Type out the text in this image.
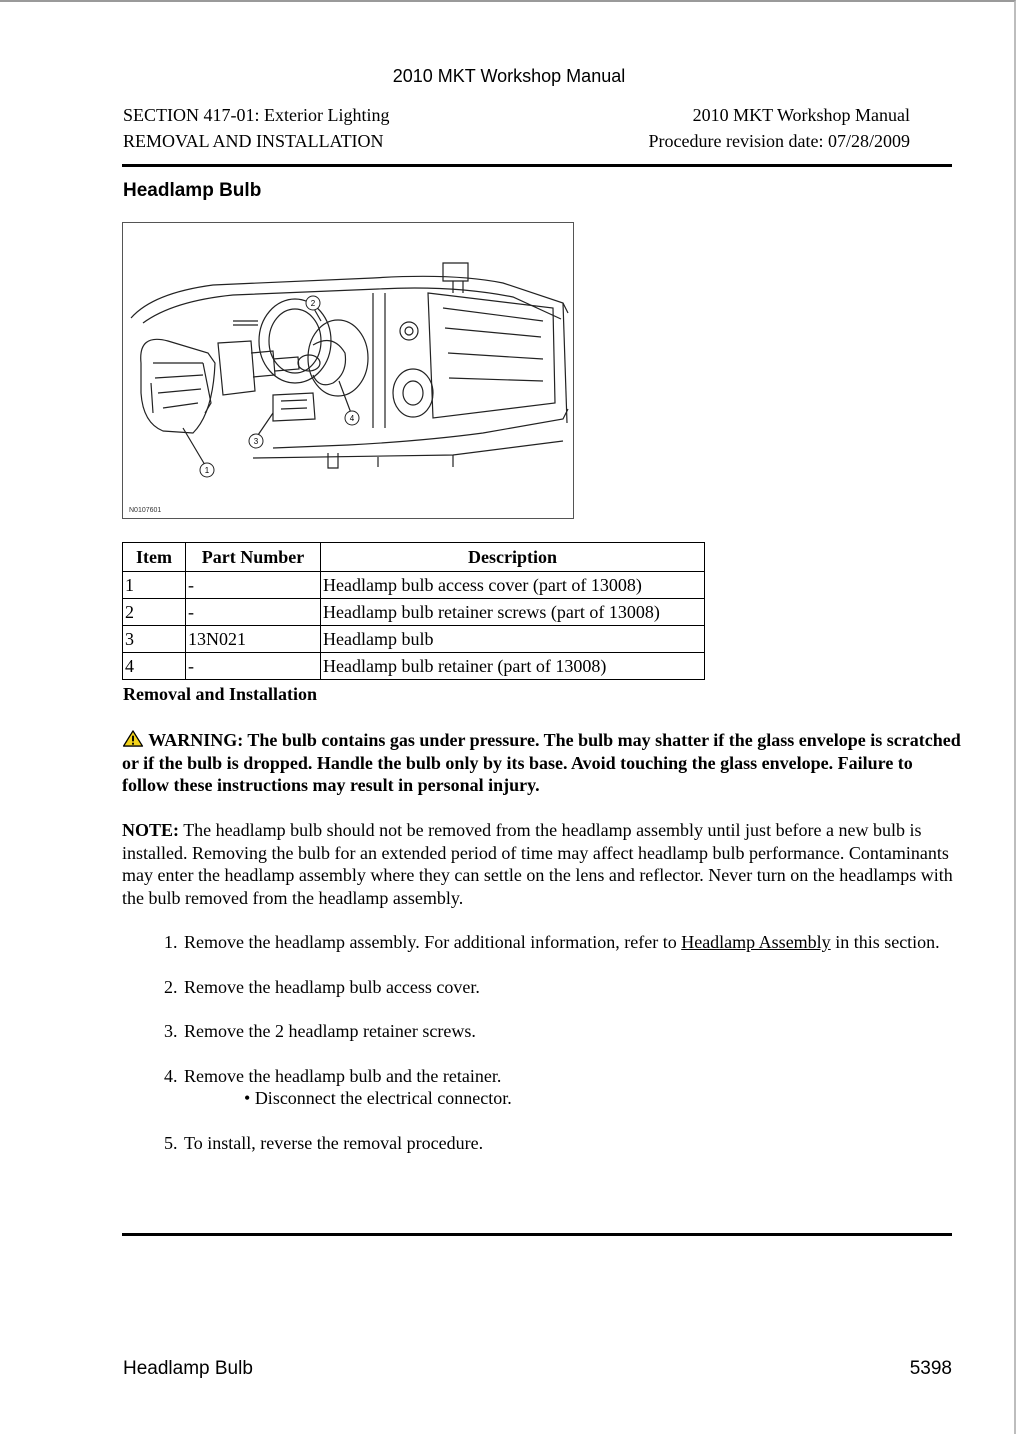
2010 MKT Workshop Manual
SECTION 417-01: Exterior Lighting
REMOVAL AND INSTALLATION
2010 MKT Workshop Manual
Procedure revision date: 07/28/2009
Headlamp Bulb
2
3
1
4
N0107601
Item	Part Number	Description
1	-	Headlamp bulb access cover (part of 13008)
2	-	Headlamp bulb retainer screws (part of 13008)
3	13N021	Headlamp bulb
4	-	Headlamp bulb retainer (part of 13008)
Removal and Installation
WARNING: The bulb contains gas under pressure. The bulb may shatter if the glass envelope is scratched or if the bulb is dropped. Handle the bulb only by its base. Avoid touching the glass envelope. Failure to follow these instructions may result in personal injury.
NOTE: The headlamp bulb should not be removed from the headlamp assembly until just before a new bulb is installed. Removing the bulb for an extended period of time may affect headlamp bulb performance. Contaminants may enter the headlamp assembly where they can settle on the lens and reflector. Never turn on the headlamps with the bulb removed from the headlamp assembly.
1. Remove the headlamp assembly. For additional information, refer to Headlamp Assembly in this section.
2. Remove the headlamp bulb access cover.
3. Remove the 2 headlamp retainer screws.
4. Remove the headlamp bulb and the retainer.
• Disconnect the electrical connector.
5. To install, reverse the removal procedure.
Headlamp Bulb	5398
